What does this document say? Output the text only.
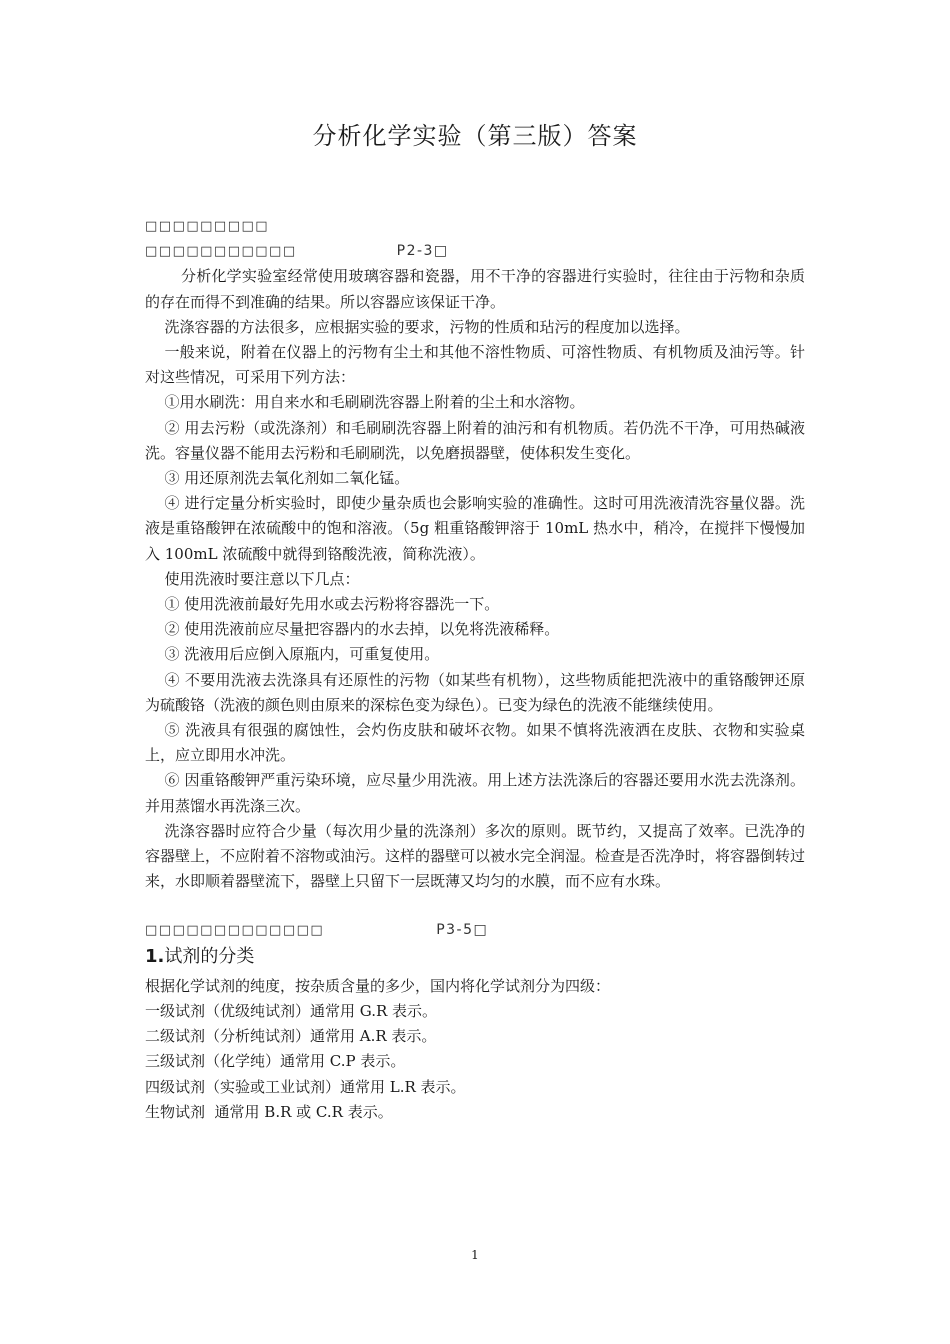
分析化学实验（第三版）答案
□□□□□□□□□
□□□□□□□□□□□	P2-3□

分析化学实验室经常使用玻璃容器和瓷器，用不干净的容器进行实验时，往往由于污物和杂质的存在而得不到准确的结果。所以容器应该保证干净。

洗涤容器的方法很多，应根据实验的要求，污物的性质和玷污的程度加以选择。

一般来说，附着在仪器上的污物有尘土和其他不溶性物质、可溶性物质、有机物质及油污等。针对这些情况，可采用下列方法：

①用水刷洗：用自来水和毛刷刷洗容器上附着的尘土和水溶物。

② 用去污粉（或洗涤剂）和毛刷刷洗容器上附着的油污和有机物质。若仍洗不干净，可用热碱液洗。容量仪器不能用去污粉和毛刷刷洗，以免磨损器壁，使体积发生变化。

③ 用还原剂洗去氧化剂如二氧化锰。

④ 进行定量分析实验时，即使少量杂质也会影响实验的准确性。这时可用洗液清洗容量仪器。洗液是重铬酸钾在浓硫酸中的饱和溶液。（5g 粗重铬酸钾溶于 10mL 热水中，稍冷，在搅拌下慢慢加入 100mL 浓硫酸中就得到铬酸洗液，简称洗液）。

使用洗液时要注意以下几点：

① 使用洗液前最好先用水或去污粉将容器洗一下。

② 使用洗液前应尽量把容器内的水去掉，以免将洗液稀释。

③ 洗液用后应倒入原瓶内，可重复使用。

④ 不要用洗液去洗涤具有还原性的污物（如某些有机物），这些物质能把洗液中的重铬酸钾还原为硫酸铬（洗液的颜色则由原来的深棕色变为绿色）。已变为绿色的洗液不能继续使用。

⑤ 洗液具有很强的腐蚀性，会灼伤皮肤和破坏衣物。如果不慎将洗液洒在皮肤、衣物和实验桌上，应立即用水冲洗。

⑥ 因重铬酸钾严重污染环境，应尽量少用洗液。用上述方法洗涤后的容器还要用水洗去洗涤剂。并用蒸馏水再洗涤三次。

洗涤容器时应符合少量（每次用少量的洗涤剂）多次的原则。既节约，又提高了效率。已洗净的容器壁上，不应附着不溶物或油污。这样的器壁可以被水完全润湿。检查是否洗净时，将容器倒转过来，水即顺着器壁流下，器壁上只留下一层既薄又均匀的水膜，而不应有水珠。

□□□□□□□□□□□□□	P3-5□
1.试剂的分类
根据化学试剂的纯度，按杂质含量的多少，国内将化学试剂分为四级：
一级试剂（优级纯试剂）通常用 G.R 表示。
二级试剂（分析纯试剂）通常用 A.R 表示。
三级试剂（化学纯）通常用 C.P 表示。
四级试剂（实验或工业试剂）通常用 L.R 表示。
生物试剂  通常用 B.R 或 C.R 表示。
1
